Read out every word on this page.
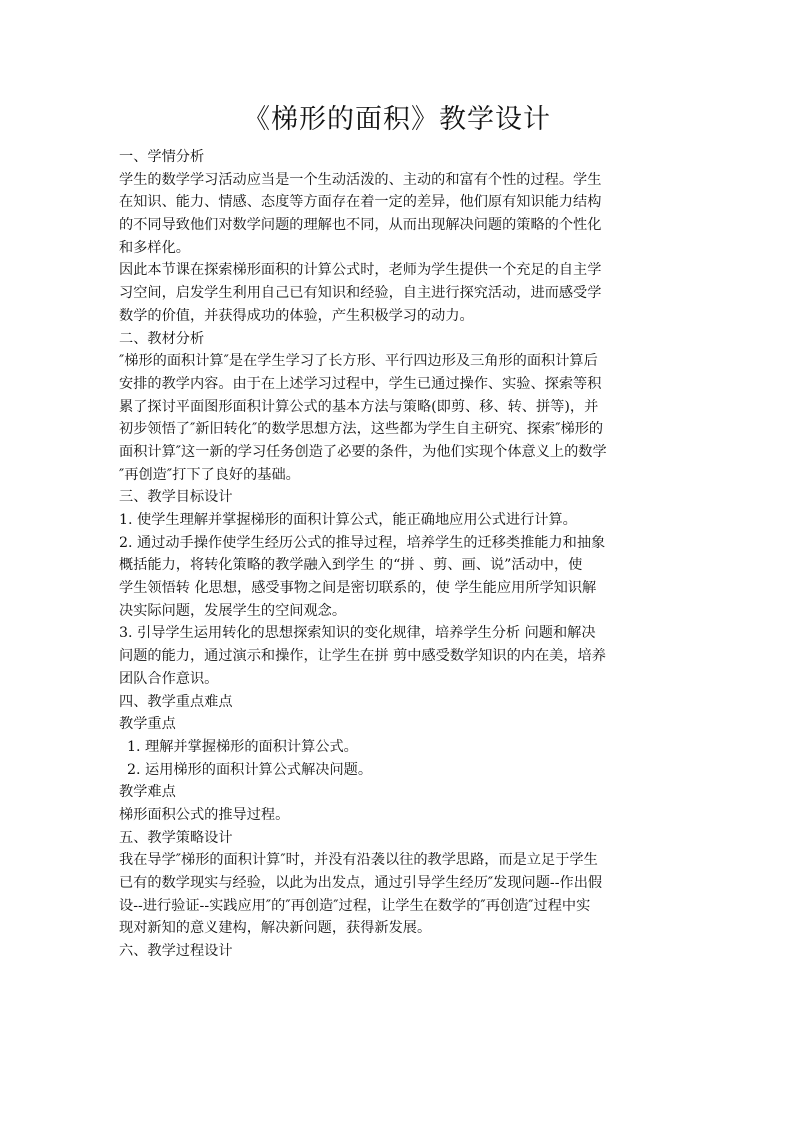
《梯形的面积》教学设计
一、学情分析
学生的数学学习活动应当是一个生动活泼的、主动的和富有个性的过程。学生
在知识、能力、情感、态度等方面存在着一定的差异，他们原有知识能力结构
的不同导致他们对数学问题的理解也不同，从而出现解决问题的策略的个性化
和多样化。
因此本节课在探索梯形面积的计算公式时，老师为学生提供一个充足的自主学
习空间，启发学生利用自己已有知识和经验，自主进行探究活动，进而感受学
数学的价值，并获得成功的体验，产生积极学习的动力。
二、教材分析
″梯形的面积计算″是在学生学习了长方形、平行四边形及三角形的面积计算后
安排的教学内容。由于在上述学习过程中，学生已通过操作、实验、探索等积
累了探讨平面图形面积计算公式的基本方法与策略(即剪、移、转、拼等)，并
初步领悟了″新旧转化″的数学思想方法，这些都为学生自主研究、探索″梯形的
面积计算″这一新的学习任务创造了必要的条件，为他们实现个体意义上的数学
″再创造″打下了良好的基础。
三、教学目标设计
1. 使学生理解并掌握梯形的面积计算公式，能正确地应用公式进行计算。
2. 通过动手操作使学生经历公式的推导过程，培养学生的迁移类推能力和抽象
概括能力，将转化策略的教学融入到学生 的“拼 、剪、画、说”活动中，使
学生领悟转 化思想，感受事物之间是密切联系的，使 学生能应用所学知识解
决实际问题，发展学生的空间观念。
3. 引导学生运用转化的思想探索知识的变化规律，培养学生分析 问题和解决
问题的能力，通过演示和操作，让学生在拼 剪中感受数学知识的内在美，培养
团队合作意识。
四、教学重点难点
教学重点
1. 理解并掌握梯形的面积计算公式。
2. 运用梯形的面积计算公式解决问题。
教学难点
梯形面积公式的推导过程。
五、教学策略设计
我在导学″梯形的面积计算″时，并没有沿袭以往的教学思路，而是立足于学生
已有的数学现实与经验，以此为出发点，通过引导学生经历″发现问题--作出假
设--进行验证--实践应用″的″再创造″过程，让学生在数学的″再创造″过程中实
现对新知的意义建构，解决新问题，获得新发展。
六、教学过程设计
